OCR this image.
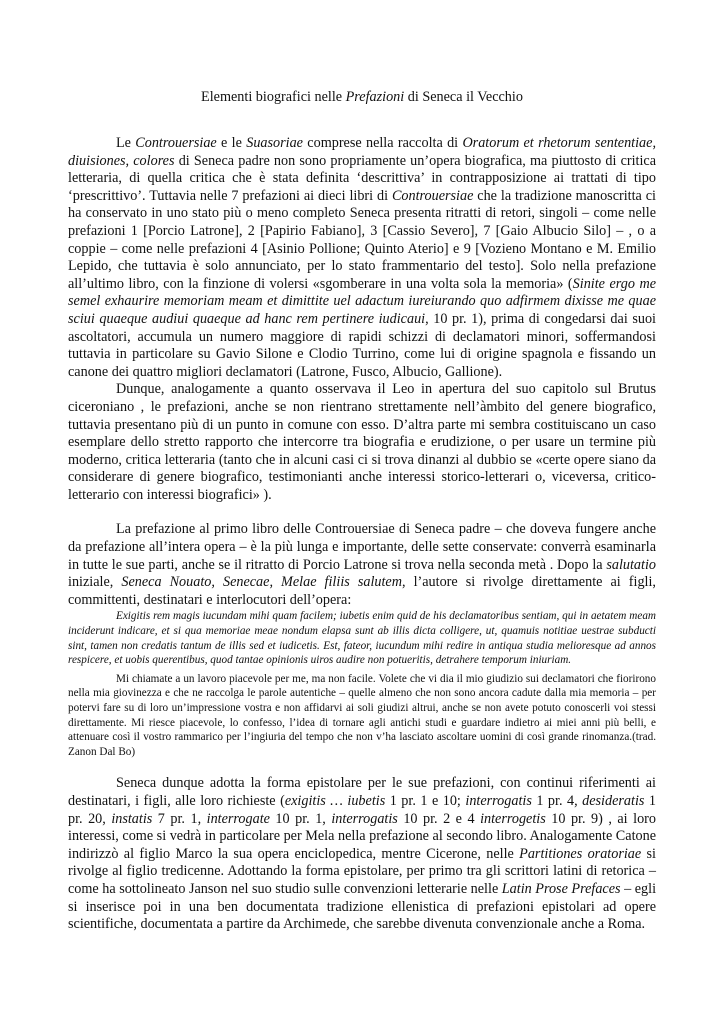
Elementi biografici nelle Prefazioni di Seneca il Vecchio

Le Controuersiae e le Suasoriae comprese nella raccolta di Oratorum et rhetorum sententiae, diuisiones, colores di Seneca padre non sono propriamente un’opera biografica, ma piuttosto di critica letteraria, di quella critica che è stata definita ‘descrittiva’ in contrapposizione ai trattati di tipo ‘prescrittivo’. Tuttavia nelle 7 prefazioni ai dieci libri di Controuersiae che la tradizione manoscritta ci ha conservato in uno stato più o meno completo Seneca presenta ritratti di retori, singoli – come nelle prefazioni 1 [Porcio Latrone], 2 [Papirio Fabiano], 3 [Cassio Severo], 7 [Gaio Albucio Silo] – , o a coppie – come nelle prefazioni 4 [Asinio Pollione; Quinto Aterio] e 9 [Vozieno Montano e M. Emilio Lepido, che tuttavia è solo annunciato, per lo stato frammentario del testo]. Solo nella prefazione all’ultimo libro, con la finzione di volersi «sgomberare in una volta sola la memoria» (Sinite ergo me semel exhaurire memoriam meam et dimittite uel adactum iureiurando quo adfirmem dixisse me quae sciui quaeque audiui quaeque ad hanc rem pertinere iudicaui, 10 pr. 1), prima di congedarsi dai suoi ascoltatori, accumula un numero maggiore di rapidi schizzi di declamatori minori, soffermandosi tuttavia in particolare su Gavio Silone e Clodio Turrino, come lui di origine spagnola e fissando un canone dei quattro migliori declamatori (Latrone, Fusco, Albucio, Gallione).

Dunque, analogamente a quanto osservava il Leo in apertura del suo capitolo sul Brutus ciceroniano , le prefazioni, anche se non rientrano strettamente nell’àmbito del genere biografico, tuttavia presentano più di un punto in comune con esso. D’altra parte mi sembra costituiscano un caso esemplare dello stretto rapporto che intercorre tra biografia e erudizione, o per usare un termine più moderno, critica letteraria (tanto che in alcuni casi ci si trova dinanzi al dubbio se «certe opere siano da considerare di genere biografico, testimonianti anche interessi storico-letterari o, viceversa, critico-letterario con interessi biografici» ).

La prefazione al primo libro delle Controuersiae di Seneca padre – che doveva fungere anche da prefazione all’intera opera – è la più lunga e importante, delle sette conservate: converrà esaminarla in tutte le sue parti, anche se il ritratto di Porcio Latrone si trova nella seconda metà . Dopo la salutatio iniziale, Seneca Nouato, Senecae, Melae filiis salutem, l’autore si rivolge direttamente ai figli, committenti, destinatari e interlocutori dell’opera:

Exigitis rem magis iucundam mihi quam facilem; iubetis enim quid de his declamatoribus sentiam, qui in aetatem meam inciderunt indicare, et si qua memoriae meae nondum elapsa sunt ab illis dicta colligere, ut, quamuis notitiae uestrae subducti sint, tamen non credatis tantum de illis sed et iudicetis. Est, fateor, iucundum mihi redire in antiqua studia melioresque ad annos respicere, et uobis querentibus, quod tantae opinionis uiros audire non potueritis, detrahere temporum iniuriam.

Mi chiamate a un lavoro piacevole per me, ma non facile. Volete che vi dia il mio giudizio sui declamatori che fiorirono nella mia giovinezza e che ne raccolga le parole autentiche – quelle almeno che non sono ancora cadute dalla mia memoria – per potervi fare su di loro un’impressione vostra e non affidarvi ai soli giudizi altrui, anche se non avete potuto conoscerli voi stessi direttamente. Mi riesce piacevole, lo confesso, l’idea di tornare agli antichi studi e guardare indietro ai miei anni più belli, e attenuare così il vostro rammarico per l’ingiuria del tempo che non v’ha lasciato ascoltare uomini di così grande rinomanza.(trad. Zanon Dal Bo)

Seneca dunque adotta la forma epistolare per le sue prefazioni, con continui riferimenti ai destinatari, i figli, alle loro richieste (exigitis … iubetis 1 pr. 1 e 10; interrogatis 1 pr. 4, desideratis 1 pr. 20, instatis 7 pr. 1, interrogate 10 pr. 1, interrogatis 10 pr. 2 e 4 interrogetis 10 pr. 9) , ai loro interessi, come si vedrà in particolare per Mela nella prefazione al secondo libro. Analogamente Catone indirizzò al figlio Marco la sua opera enciclopedica, mentre Cicerone, nelle Partitiones oratoriae si rivolge al figlio tredicenne. Adottando la forma epistolare, per primo tra gli scrittori latini di retorica – come ha sottolineato Janson nel suo studio sulle convenzioni letterarie nelle Latin Prose Prefaces – egli si inserisce poi in una ben documentata tradizione ellenistica di prefazioni epistolari ad opere scientifiche, documentata a partire da Archimede, che sarebbe divenuta convenzionale anche a Roma.
